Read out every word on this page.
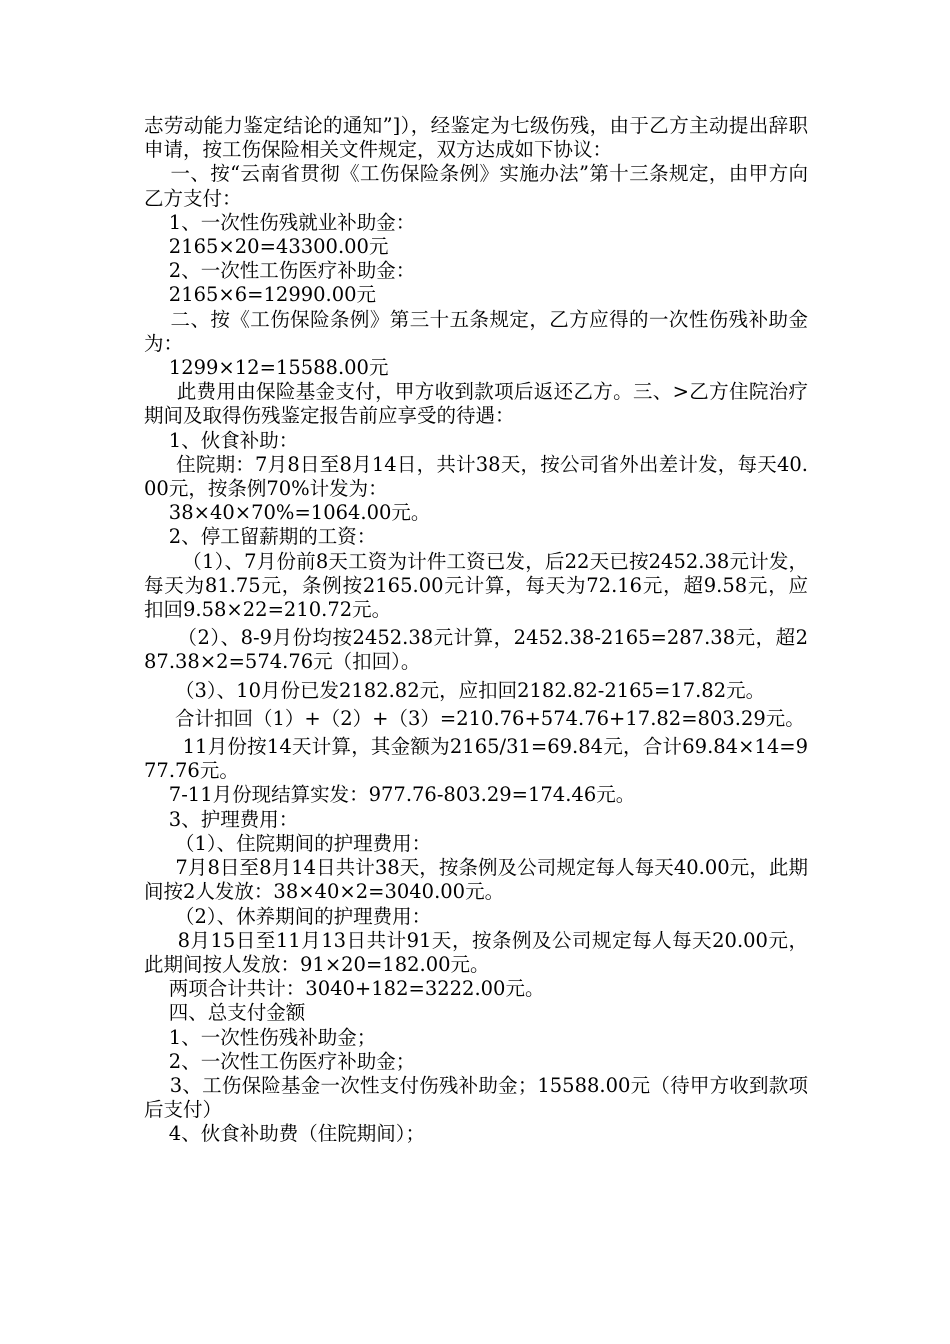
志劳动能力鉴定结论的通知”]），经鉴定为七级伤残，由于乙方主动提出辞职申请，按工伤保险相关文件规定，双方达成如下协议：

一、按“云南省贯彻《工伤保险条例》实施办法”第十三条规定，由甲方向乙方支付：

1、一次性伤残就业补助金：

2165×20=43300.00元

2、一次性工伤医疗补助金：

2165×6=12990.00元

二、按《工伤保险条例》第三十五条规定，乙方应得的一次性伤残补助金为：

1299×12=15588.00元

此费用由保险基金支付，甲方收到款项后返还乙方。三、>乙方住院治疗期间及取得伤残鉴定报告前应享受的待遇：

1、伙食补助：

住院期：7月8日至8月14日，共计38天，按公司省外出差计发，每天40.00元，按条例70%计发为：

38×40×70%=1064.00元。

2、停工留薪期的工资：

（1）、7月份前8天工资为计件工资已发，后22天已按2452.38元计发，每天为81.75元，条例按2165.00元计算，每天为72.16元，超9.58元，应扣回9.58×22=210.72元。

（2）、8-9月份均按2452.38元计算，2452.38-2165=287.38元，超287.38×2=574.76元（扣回）。

（3）、10月份已发2182.82元，应扣回2182.82-2165=17.82元。

合计扣回（1）+（2）+（3）=210.76+574.76+17.82=803.29元。

11月份按14天计算，其金额为2165/31=69.84元，合计69.84×14=977.76元。

7-11月份现结算实发：977.76-803.29=174.46元。

3、护理费用：

（1）、住院期间的护理费用：

7月8日至8月14日共计38天，按条例及公司规定每人每天40.00元，此期间按2人发放：38×40×2=3040.00元。

（2）、休养期间的护理费用：

8月15日至11月13日共计91天，按条例及公司规定每人每天20.00元，此期间按人发放：91×20=182.00元。

两项合计共计：3040+182=3222.00元。

四、总支付金额

1、一次性伤残补助金；

2、一次性工伤医疗补助金；

3、工伤保险基金一次性支付伤残补助金；15588.00元（待甲方收到款项后支付）

4、伙食补助费（住院期间）；
